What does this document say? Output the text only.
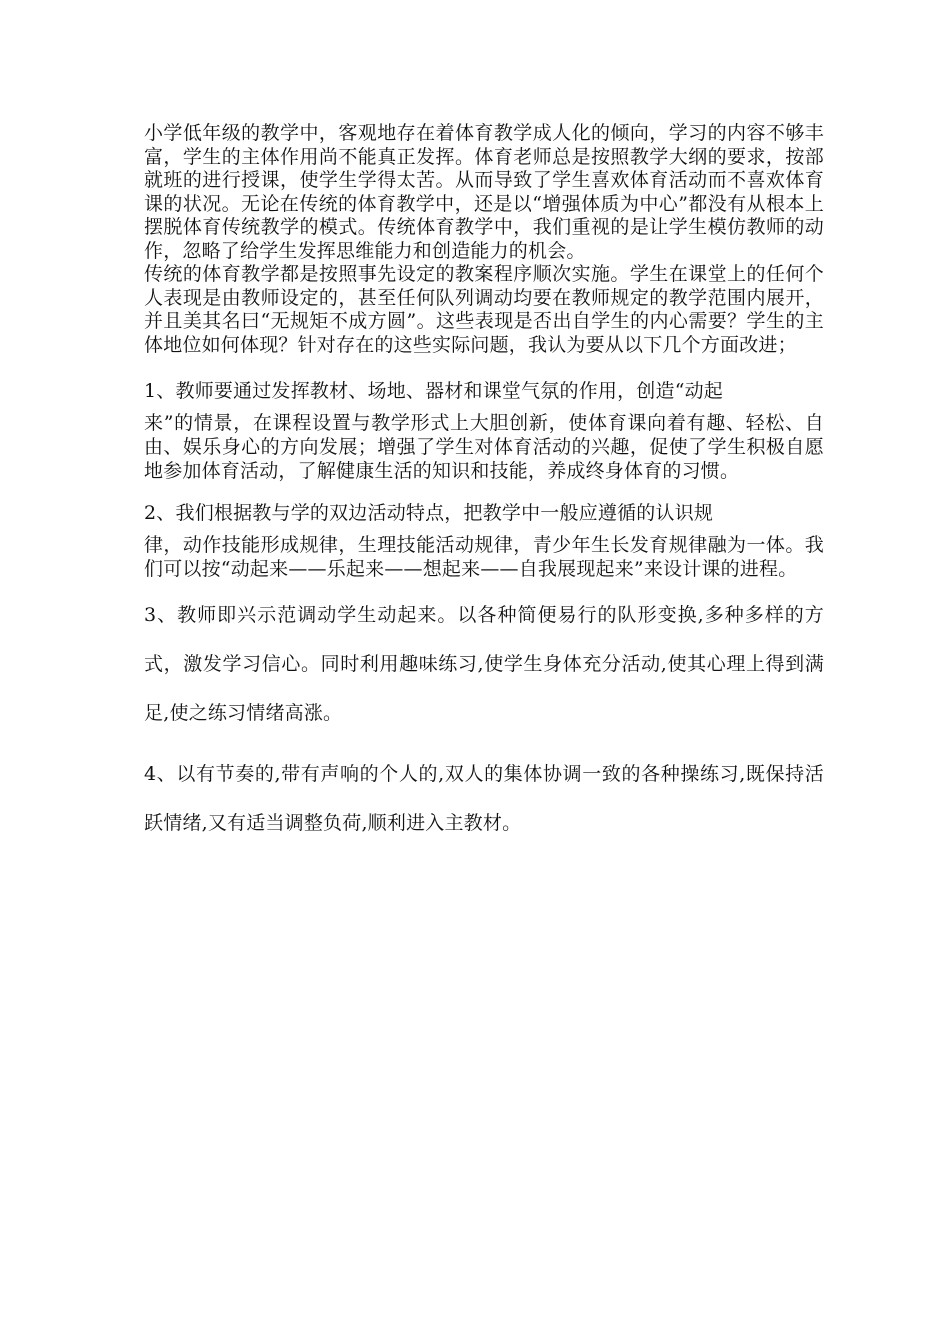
小学低年级的教学中，客观地存在着体育教学成人化的倾向，学习的内容不够丰富，学生的主体作用尚不能真正发挥。体育老师总是按照教学大纲的要求，按部就班的进行授课，使学生学得太苦。从而导致了学生喜欢体育活动而不喜欢体育课的状况。无论在传统的体育教学中，还是以“增强体质为中心”都没有从根本上摆脱体育传统教学的模式。传统体育教学中，我们重视的是让学生模仿教师的动作，忽略了给学生发挥思维能力和创造能力的机会。

传统的体育教学都是按照事先设定的教案程序顺次实施。学生在课堂上的任何个人表现是由教师设定的，甚至任何队列调动均要在教师规定的教学范围内展开，并且美其名曰“无规矩不成方圆”。这些表现是否出自学生的内心需要？学生的主体地位如何体现？针对存在的这些实际问题，我认为要从以下几个方面改进；

1、教师要通过发挥教材、场地、器材和课堂气氛的作用，创造“动起
来”的情景，在课程设置与教学形式上大胆创新，使体育课向着有趣、轻松、自由、娱乐身心的方向发展；增强了学生对体育活动的兴趣，促使了学生积极自愿地参加体育活动，了解健康生活的知识和技能，养成终身体育的习惯。

2、我们根据教与学的双边活动特点，把教学中一般应遵循的认识规
律，动作技能形成规律，生理技能活动规律，青少年生长发育规律融为一体。我们可以按“动起来——乐起来——想起来——自我展现起来”来设计课的进程。

3、教师即兴示范调动学生动起来。以各种简便易行的队形变换,多种多样的方式，激发学习信心。同时利用趣味练习,使学生身体充分活动,使其心理上得到满足,使之练习情绪高涨。

4、以有节奏的,带有声响的个人的,双人的集体协调一致的各种操练习,既保持活跃情绪,又有适当调整负荷,顺利进入主教材。
